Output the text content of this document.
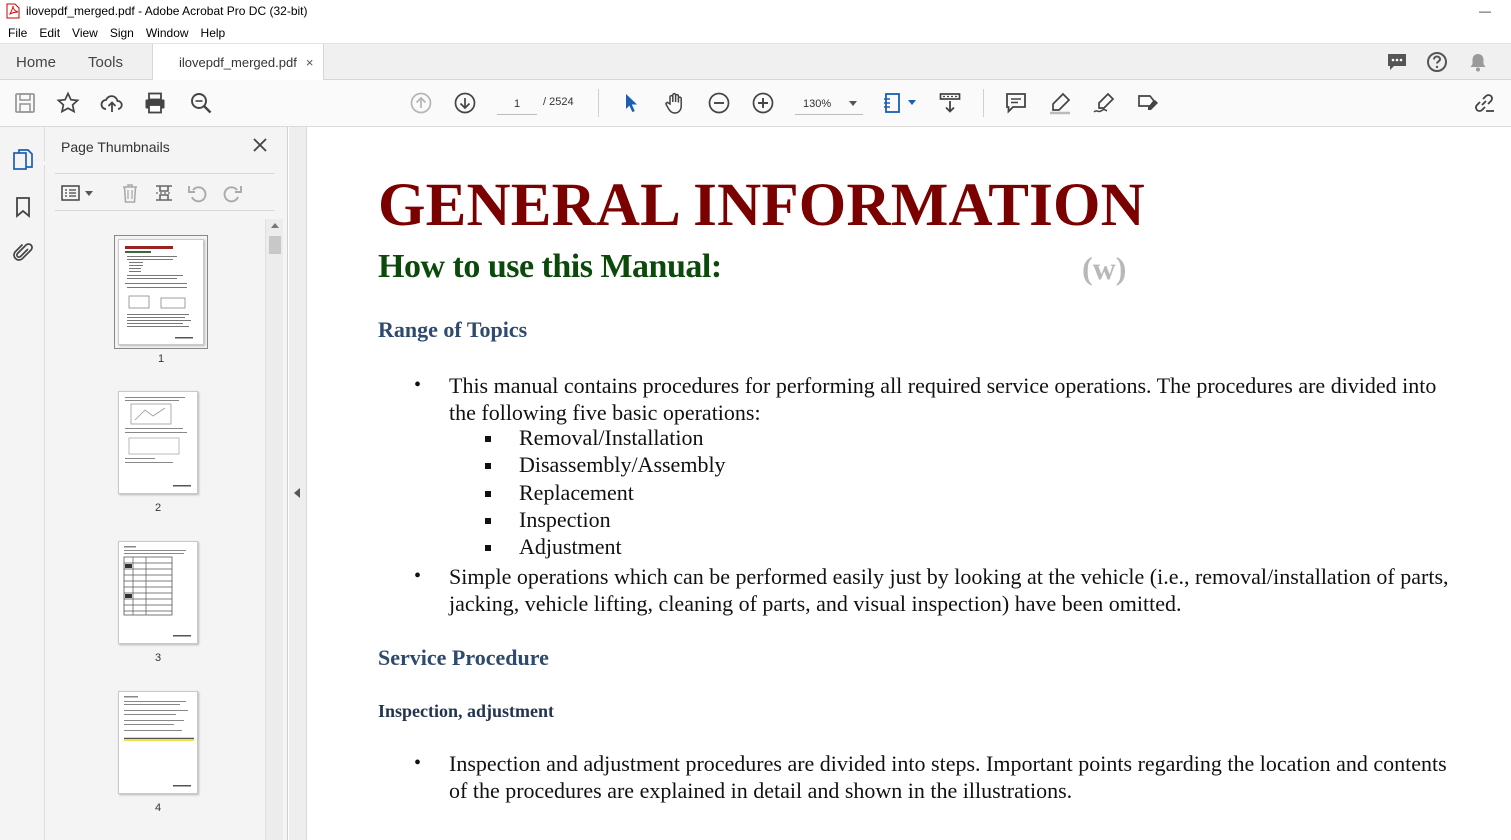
ilovepdf_merged.pdf - Adobe Acrobat Pro DC (32-bit)	—
File Edit View Sign Window Help
Home Tools	ilovepdf_merged.pdf ×
1
/ 2524	130%
Page Thumbnails
1
2
3
4
GENERAL INFORMATION
How to use this Manual:	(w)
Range of Topics
• This manual contains procedures for performing all required service operations. The procedures are divided into the following five basic operations:
Removal/Installation
Disassembly/Assembly
Replacement
Inspection
Adjustment
• Simple operations which can be performed easily just by looking at the vehicle (i.e., removal/installation of parts, jacking, vehicle lifting, cleaning of parts, and visual inspection) have been omitted.
Service Procedure
Inspection, adjustment
• Inspection and adjustment procedures are divided into steps. Important points regarding the location and contents of the procedures are explained in detail and shown in the illustrations.
